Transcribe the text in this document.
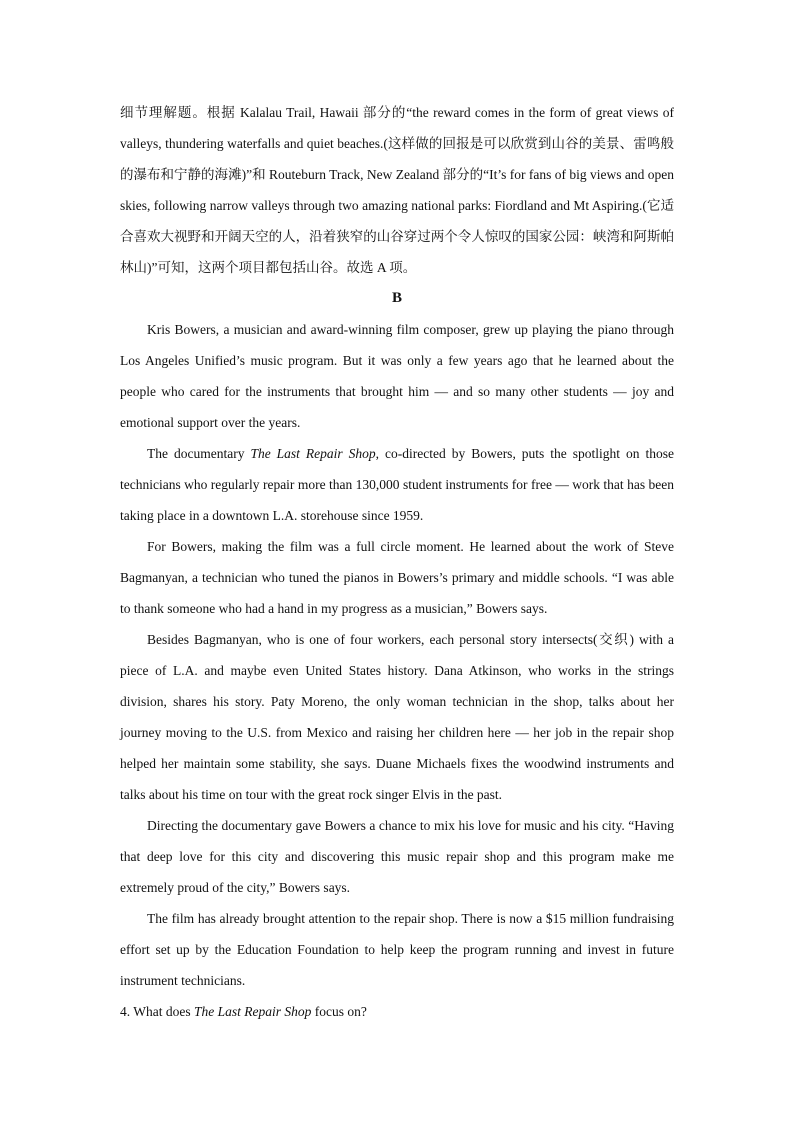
细节理解题。根据 Kalalau Trail, Hawaii 部分的“the reward comes in the form of great views of valleys, thundering waterfalls and quiet beaches.(这样做的回报是可以欣赏到山谷的美景、雷鸣般的瀑布和宁静的海滩)”和 Routeburn Track, New Zealand 部分的“It’s for fans of big views and open skies, following narrow valleys through two amazing national parks: Fiordland and Mt Aspiring.(它适合喜欢大视野和开阔天空的人，沿着狭窄的山谷穿过两个令人惊叹的国家公园：峡湾和阿斯帕林山)”可知，这两个项目都包括山谷。故选 A 项。

B

Kris Bowers, a musician and award-winning film composer, grew up playing the piano through Los Angeles Unified’s music program. But it was only a few years ago that he learned about the people who cared for the instruments that brought him — and so many other students — joy and emotional support over the years.

The documentary The Last Repair Shop, co-directed by Bowers, puts the spotlight on those technicians who regularly repair more than 130,000 student instruments for free — work that has been taking place in a downtown L.A. storehouse since 1959.

For Bowers, making the film was a full circle moment. He learned about the work of Steve Bagmanyan, a technician who tuned the pianos in Bowers’s primary and middle schools. “I was able to thank someone who had a hand in my progress as a musician,” Bowers says.

Besides Bagmanyan, who is one of four workers, each personal story intersects(交织) with a piece of L.A. and maybe even United States history. Dana Atkinson, who works in the strings division, shares his story. Paty Moreno, the only woman technician in the shop, talks about her journey moving to the U.S. from Mexico and raising her children here — her job in the repair shop helped her maintain some stability, she says. Duane Michaels fixes the woodwind instruments and talks about his time on tour with the great rock singer Elvis in the past.

Directing the documentary gave Bowers a chance to mix his love for music and his city. “Having that deep love for this city and discovering this music repair shop and this program make me extremely proud of the city,” Bowers says.

The film has already brought attention to the repair shop. There is now a $15 million fundraising effort set up by the Education Foundation to help keep the program running and invest in future instrument technicians.

4. What does The Last Repair Shop focus on?
